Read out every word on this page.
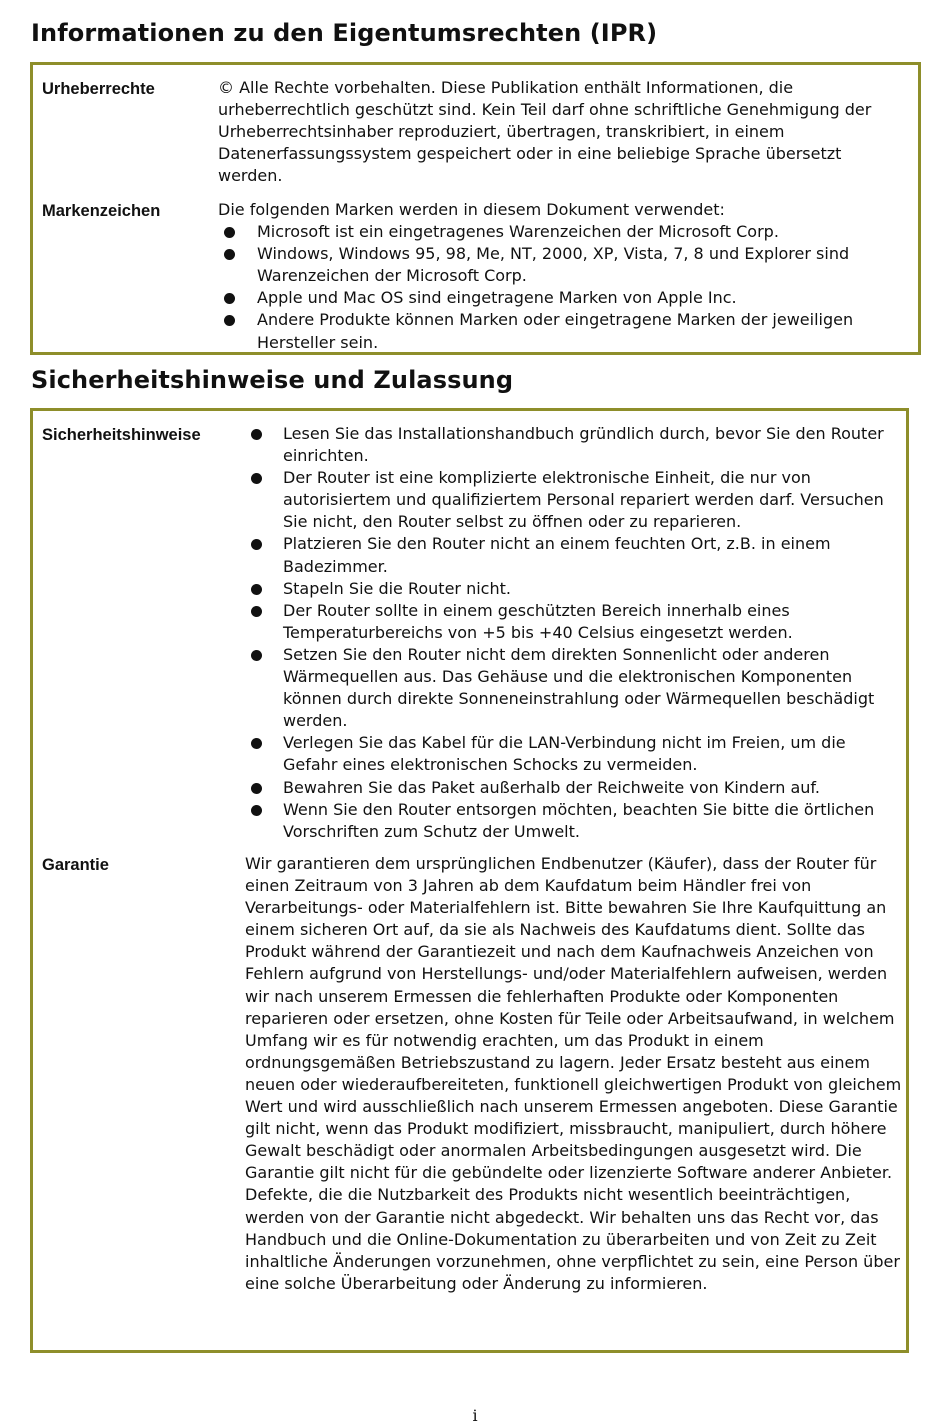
Informationen zu den Eigentumsrechten (IPR)
Urheberrechte	© Alle Rechte vorbehalten. Diese Publikation enthält Informationen, die urheberrechtlich geschützt sind. Kein Teil darf ohne schriftliche Genehmigung der Urheberrechtsinhaber reproduziert, übertragen, transkribiert, in einem Datenerfassungssystem gespeichert oder in eine beliebige Sprache übersetzt werden.

Markenzeichen	Die folgenden Marken werden in diesem Dokument verwendet:

Microsoft ist ein eingetragenes Warenzeichen der Microsoft Corp.
Windows, Windows 95, 98, Me, NT, 2000, XP, Vista, 7, 8 und Explorer sind Warenzeichen der Microsoft Corp.
Apple und Mac OS sind eingetragene Marken von Apple Inc.
Andere Produkte können Marken oder eingetragene Marken der jeweiligen Hersteller sein.
Sicherheitshinweise und Zulassung
Sicherheitshinweise	Lesen Sie das Installationshandbuch gründlich durch, bevor Sie den Router einrichten.
Der Router ist eine komplizierte elektronische Einheit, die nur von autorisiertem und qualifiziertem Personal repariert werden darf. Versuchen Sie nicht, den Router selbst zu öffnen oder zu reparieren.
Platzieren Sie den Router nicht an einem feuchten Ort, z.B. in einem Badezimmer.
Stapeln Sie die Router nicht.
Der Router sollte in einem geschützten Bereich innerhalb eines Temperaturbereichs von +5 bis +40 Celsius eingesetzt werden.
Setzen Sie den Router nicht dem direkten Sonnenlicht oder anderen Wärmequellen aus. Das Gehäuse und die elektronischen Komponenten können durch direkte Sonneneinstrahlung oder Wärmequellen beschädigt werden.
Verlegen Sie das Kabel für die LAN-Verbindung nicht im Freien, um die Gefahr eines elektronischen Schocks zu vermeiden.
Bewahren Sie das Paket außerhalb der Reichweite von Kindern auf.
Wenn Sie den Router entsorgen möchten, beachten Sie bitte die örtlichen Vorschriften zum Schutz der Umwelt.
Garantie	Wir garantieren dem ursprünglichen Endbenutzer (Käufer), dass der Router für einen Zeitraum von 3 Jahren ab dem Kaufdatum beim Händler frei von Verarbeitungs- oder Materialfehlern ist. Bitte bewahren Sie Ihre Kaufquittung an einem sicheren Ort auf, da sie als Nachweis des Kaufdatums dient. Sollte das Produkt während der Garantiezeit und nach dem Kaufnachweis Anzeichen von Fehlern aufgrund von Herstellungs- und/oder Materialfehlern aufweisen, werden wir nach unserem Ermessen die fehlerhaften Produkte oder Komponenten reparieren oder ersetzen, ohne Kosten für Teile oder Arbeitsaufwand, in welchem Umfang wir es für notwendig erachten, um das Produkt in einem ordnungsgemäßen Betriebszustand zu lagern. Jeder Ersatz besteht aus einem neuen oder wiederaufbereiteten, funktionell gleichwertigen Produkt von gleichem Wert und wird ausschließlich nach unserem Ermessen angeboten. Diese Garantie gilt nicht, wenn das Produkt modifiziert, missbraucht, manipuliert, durch höhere Gewalt beschädigt oder anormalen Arbeitsbedingungen ausgesetzt wird. Die Garantie gilt nicht für die gebündelte oder lizenzierte Software anderer Anbieter. Defekte, die die Nutzbarkeit des Produkts nicht wesentlich beeinträchtigen, werden von der Garantie nicht abgedeckt. Wir behalten uns das Recht vor, das Handbuch und die Online-Dokumentation zu überarbeiten und von Zeit zu Zeit inhaltliche Änderungen vorzunehmen, ohne verpflichtet zu sein, eine Person über eine solche Überarbeitung oder Änderung zu informieren.

i
